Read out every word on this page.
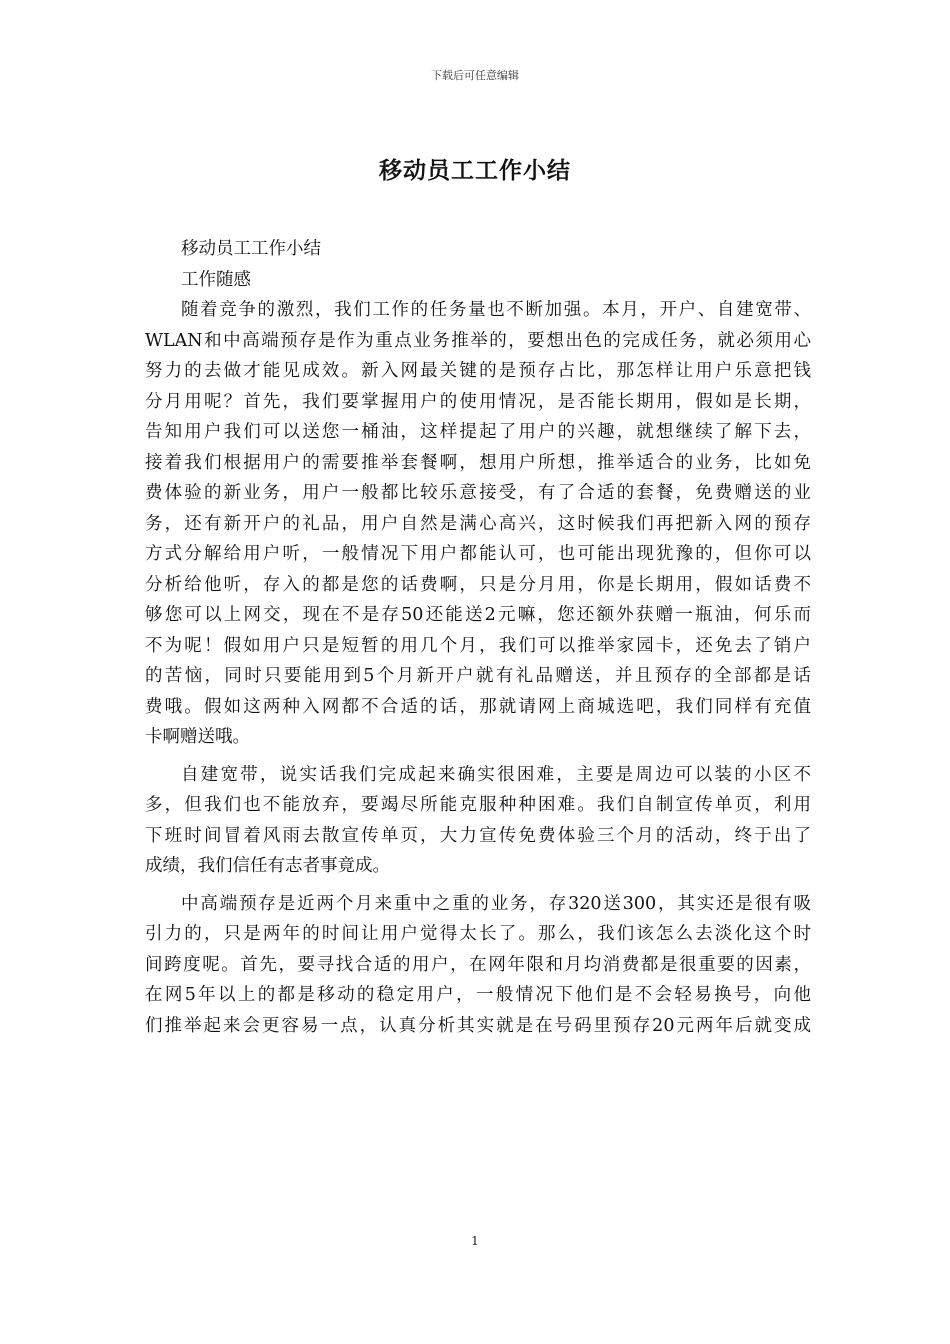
下载后可任意编辑
移动员工工作小结
移动员工工作小结
工作随感
随着竞争的激烈，我们工作的任务量也不断加强。本月，开户、自建宽带、
WLAN和中高端预存是作为重点业务推举的，要想出色的完成任务，就必须用心
努力的去做才能见成效。新入网最关键的是预存占比，那怎样让用户乐意把钱
分月用呢？首先，我们要掌握用户的使用情况，是否能长期用，假如是长期，
告知用户我们可以送您一桶油，这样提起了用户的兴趣，就想继续了解下去，
接着我们根据用户的需要推举套餐啊，想用户所想，推举适合的业务，比如免
费体验的新业务，用户一般都比较乐意接受，有了合适的套餐，免费赠送的业
务，还有新开户的礼品，用户自然是满心高兴，这时候我们再把新入网的预存
方式分解给用户听，一般情况下用户都能认可，也可能出现犹豫的，但你可以
分析给他听，存入的都是您的话费啊，只是分月用，你是长期用，假如话费不
够您可以上网交，现在不是存50还能送2元嘛，您还额外获赠一瓶油，何乐而
不为呢！假如用户只是短暂的用几个月，我们可以推举家园卡，还免去了销户
的苦恼，同时只要能用到5个月新开户就有礼品赠送，并且预存的全部都是话
费哦。假如这两种入网都不合适的话，那就请网上商城选吧，我们同样有充值
卡啊赠送哦。
自建宽带，说实话我们完成起来确实很困难，主要是周边可以装的小区不
多，但我们也不能放弃，要竭尽所能克服种种困难。我们自制宣传单页，利用
下班时间冒着风雨去散宣传单页，大力宣传免费体验三个月的活动，终于出了
成绩，我们信任有志者事竟成。
中高端预存是近两个月来重中之重的业务，存320送300，其实还是很有吸
引力的，只是两年的时间让用户觉得太长了。那么，我们该怎么去淡化这个时
间跨度呢。首先，要寻找合适的用户，在网年限和月均消费都是很重要的因素，
在网5年以上的都是移动的稳定用户，一般情况下他们是不会轻易换号，向他
们推举起来会更容易一点，认真分析其实就是在号码里预存20元两年后就变成
1
